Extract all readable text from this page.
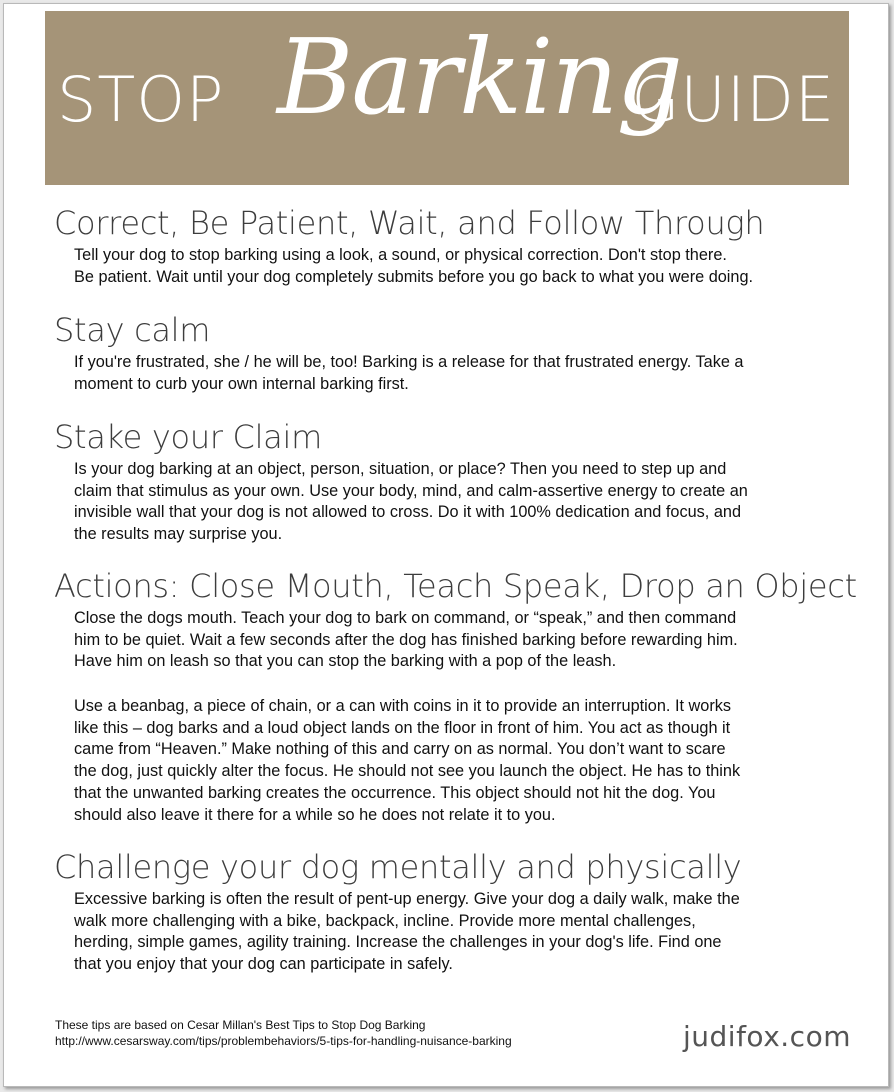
STOP Barking
GUIDE
Correct, Be Patient, Wait, and Follow Through
Tell your dog to stop barking using a look, a sound, or physical correction. Don't stop there.
Be patient. Wait until your dog completely submits before you go back to what you were doing.
Stay calm
If you're frustrated, she / he will be, too! Barking is a release for that frustrated energy. Take a
moment to curb your own internal barking first.
Stake your Claim
Is your dog barking at an object, person, situation, or place? Then you need to step up and
claim that stimulus as your own. Use your body, mind, and calm-assertive energy to create an
invisible wall that your dog is not allowed to cross. Do it with 100% dedication and focus, and
the results may surprise you.
Actions: Close Mouth, Teach Speak, Drop an Object
Close the dogs mouth. Teach your dog to bark on command, or “speak,” and then command
him to be quiet. Wait a few seconds after the dog has finished barking before rewarding him.
Have him on leash so that you can stop the barking with a pop of the leash.
Use a beanbag, a piece of chain, or a can with coins in it to provide an interruption. It works
like this – dog barks and a loud object lands on the floor in front of him. You act as though it
came from “Heaven.” Make nothing of this and carry on as normal. You don’t want to scare
the dog, just quickly alter the focus. He should not see you launch the object. He has to think
that the unwanted barking creates the occurrence. This object should not hit the dog. You
should also leave it there for a while so he does not relate it to you.
Challenge your dog mentally and physically
Excessive barking is often the result of pent-up energy. Give your dog a daily walk, make the
walk more challenging with a bike, backpack, incline. Provide more mental challenges,
herding, simple games, agility training. Increase the challenges in your dog's life. Find one
that you enjoy that your dog can participate in safely.
These tips are based on Cesar Millan's Best Tips to Stop Dog Barking
http://www.cesarsway.com/tips/problembehaviors/5-tips-for-handling-nuisance-barking	judifox.com
